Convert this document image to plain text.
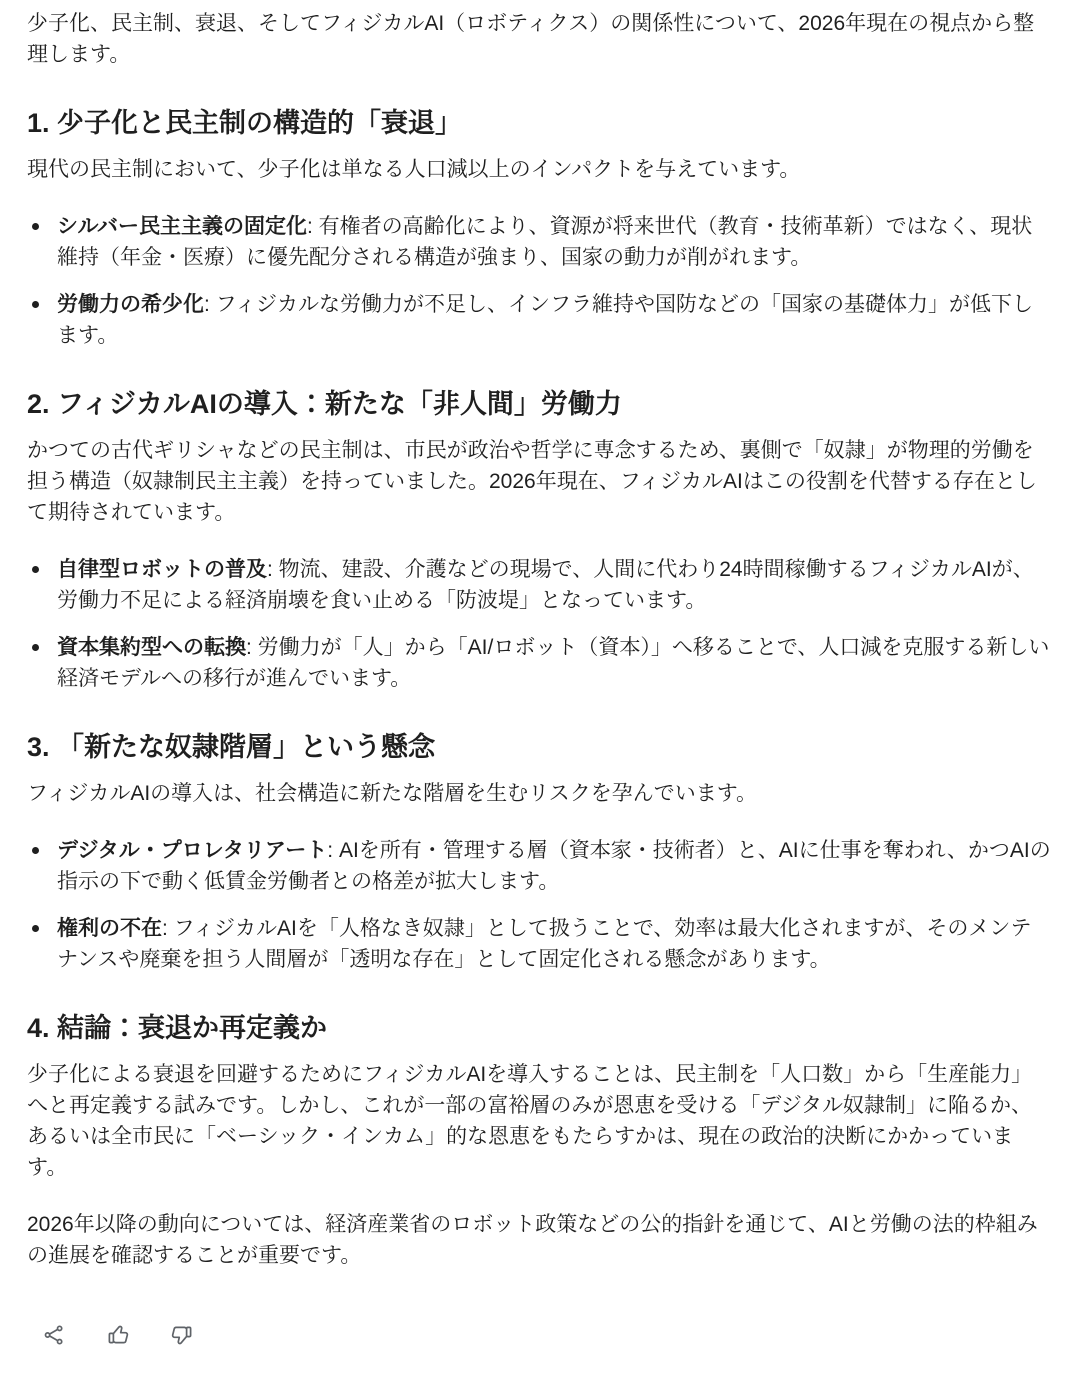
少子化、民主制、衰退、そしてフィジカルAI（ロボティクス）の関係性について、2026年現在の視点から整理します。

1. 少子化と民主制の構造的「衰退」

現代の民主制において、少子化は単なる人口減以上のインパクトを与えています。

シルバー民主主義の固定化: 有権者の高齢化により、資源が将来世代（教育・技術革新）ではなく、現状維持（年金・医療）に優先配分される構造が強まり、国家の動力が削がれます。
労働力の希少化: フィジカルな労働力が不足し、インフラ維持や国防などの「国家の基礎体力」が低下します。
2. フィジカルAIの導入：新たな「非人間」労働力

かつての古代ギリシャなどの民主制は、市民が政治や哲学に専念するため、裏側で「奴隷」が物理的労働を担う構造（奴隷制民主主義）を持っていました。2026年現在、フィジカルAIはこの役割を代替する存在として期待されています。

自律型ロボットの普及: 物流、建設、介護などの現場で、人間に代わり24時間稼働するフィジカルAIが、労働力不足による経済崩壊を食い止める「防波堤」となっています。
資本集約型への転換: 労働力が「人」から「AI/ロボット（資本）」へ移ることで、人口減を克服する新しい経済モデルへの移行が進んでいます。
3. 「新たな奴隷階層」という懸念

フィジカルAIの導入は、社会構造に新たな階層を生むリスクを孕んでいます。

デジタル・プロレタリアート: AIを所有・管理する層（資本家・技術者）と、AIに仕事を奪われ、かつAIの指示の下で動く低賃金労働者との格差が拡大します。
権利の不在: フィジカルAIを「人格なき奴隷」として扱うことで、効率は最大化されますが、そのメンテナンスや廃棄を担う人間層が「透明な存在」として固定化される懸念があります。
4. 結論：衰退か再定義か

少子化による衰退を回避するためにフィジカルAIを導入することは、民主制を「人口数」から「生産能力」へと再定義する試みです。しかし、これが一部の富裕層のみが恩恵を受ける「デジタル奴隷制」に陥るか、あるいは全市民に「ベーシック・インカム」的な恩恵をもたらすかは、現在の政治的決断にかかっています。

2026年以降の動向については、経済産業省のロボット政策などの公的指針を通じて、AIと労働の法的枠組みの進展を確認することが重要です。
